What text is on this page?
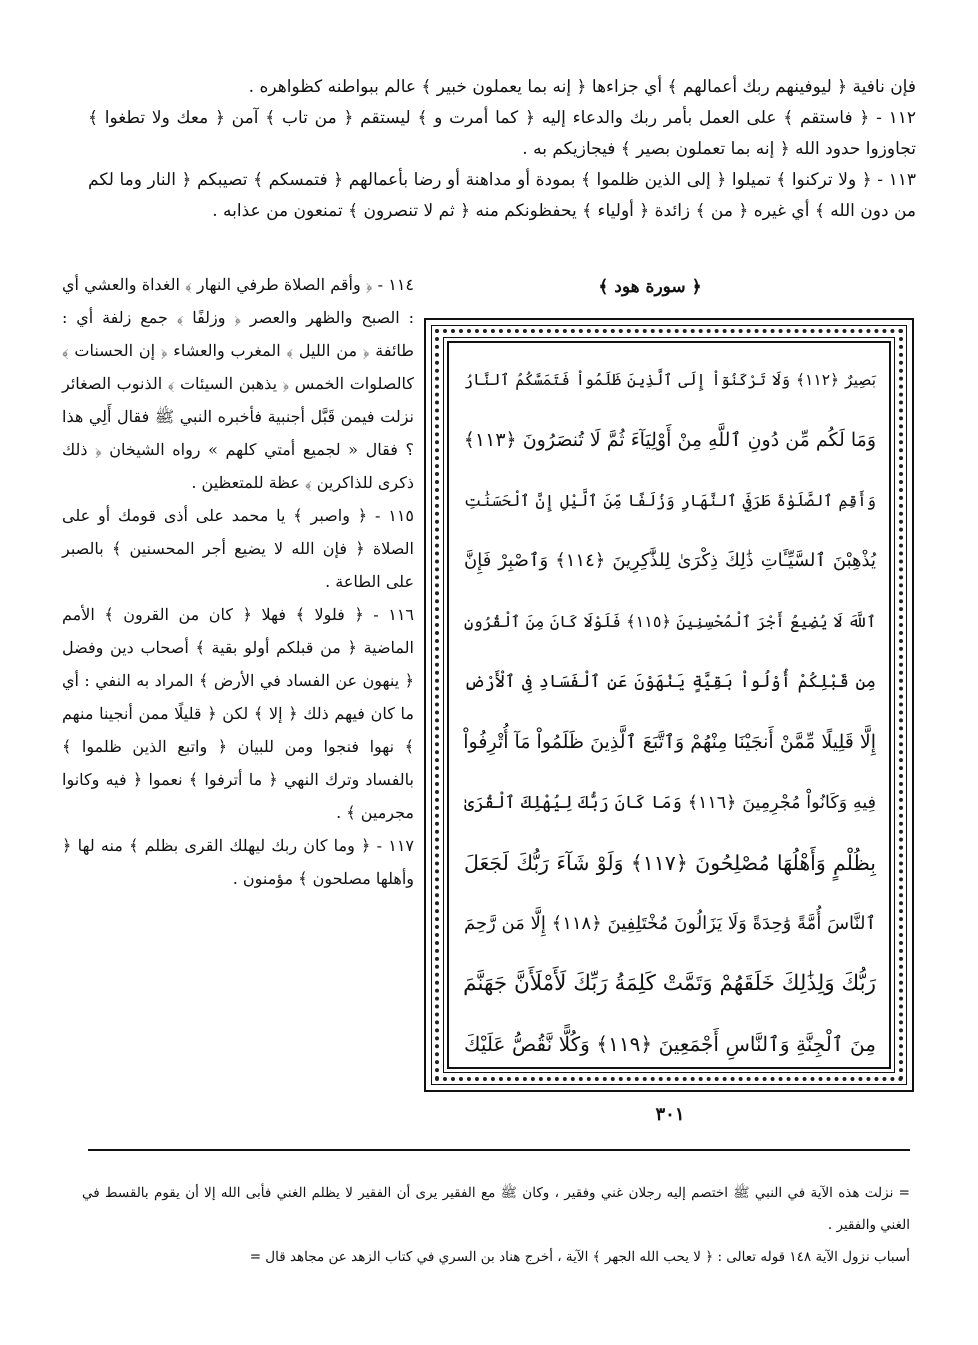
فإن نافية ﴿ ليوفينهم ربك أعمالهم ﴾ أي جزاءها ﴿ إنه بما يعملون خبير ﴾ عالم ببواطنه كظواهره .

١١٢ - ﴿ فاستقم ﴾ على العمل بأمر ربك والدعاء إليه ﴿ كما أمرت و ﴾ ليستقم ﴿ من تاب ﴾ آمن ﴿ معك ولا تطغوا ﴾ تجاوزوا حدود الله ﴿ إنه بما تعملون بصير ﴾ فيجازيكم به .

١١٣ - ﴿ ولا تركنوا ﴾ تميلوا ﴿ إلى الذين ظلموا ﴾ بمودة أو مداهنة أو رضا بأعمالهم ﴿ فتمسكم ﴾ تصيبكم ﴿ النار وما لكم من دون الله ﴾ أي غيره ﴿ من ﴾ زائدة ﴿ أولياء ﴾ يحفظونكم منه ﴿ ثم لا تنصرون ﴾ تمنعون من عذابه .

١١٤ - ﴿ وأقم الصلاة طرفي النهار ﴾ الغداة والعشي أي : الصبح والظهر والعصر ﴿ وزلفًا ﴾ جمع زلفة أي : طائفة ﴿ من الليل ﴾ المغرب والعشاء ﴿ إن الحسنات ﴾ كالصلوات الخمس ﴿ يذهبن السيئات ﴾ الذنوب الصغائر نزلت فيمن قَبَّل أجنبية فأخبره النبي ﷺ فقال أَلِي هذا ؟ فقال « لجميع أمتي كلهم » رواه الشيخان ﴿ ذلك ذكرى للذاكرين ﴾ عظة للمتعظين .

١١٥ - ﴿ واصبر ﴾ يا محمد على أذى قومك أو على الصلاة ﴿ فإن الله لا يضيع أجر المحسنين ﴾ بالصبر على الطاعة .

١١٦ - ﴿ فلولا ﴾ فهلا ﴿ كان من القرون ﴾ الأمم الماضية ﴿ من قبلكم أولو بقية ﴾ أصحاب دين وفضل ﴿ ينهون عن الفساد في الأرض ﴾ المراد به النفي : أي ما كان فيهم ذلك ﴿ إلا ﴾ لكن ﴿ قليلًا ممن أنجينا منهم ﴾ نهوا فنجوا ومن للبيان ﴿ واتبع الذين ظلموا ﴾ بالفساد وترك النهي ﴿ ما أترفوا ﴾ نعموا ﴿ فيه وكانوا مجرمين ﴾ .

١١٧ - ﴿ وما كان ربك ليهلك القرى بظلم ﴾ منه لها ﴿ وأهلها مصلحون ﴾ مؤمنون .

﴿ سورة هود ﴾
بَصِيرٌ ﴿١١٢﴾ وَلَا تَرْكَنُوٓاْ إِلَى ٱلَّذِينَ ظَلَمُواْ فَتَمَسَّكُمُ ٱلنَّارُ
وَمَا لَكُم مِّن دُونِ ٱللَّهِ مِنْ أَوْلِيَآءَ ثُمَّ لَا تُنصَرُونَ ﴿١١٣﴾
وَأَقِمِ ٱلصَّلَوٰةَ طَرَفَيِ ٱلنَّهَارِ وَزُلَفًا مِّنَ ٱلَّيْلِ إِنَّ ٱلْحَسَنَٰتِ
يُذْهِبْنَ ٱلسَّيِّـَٔاتِ ذَٰلِكَ ذِكْرَىٰ لِلذَّٰكِرِينَ ﴿١١٤﴾ وَٱصْبِرْ فَإِنَّ
ٱللَّهَ لَا يُضِيعُ أَجْرَ ٱلْمُحْسِنِينَ ﴿١١٥﴾ فَلَوْلَا كَانَ مِنَ ٱلْقُرُونِ
مِن قَبْلِكُمْ أُوْلُواْ بَقِيَّةٍ يَنْهَوْنَ عَنِ ٱلْفَسَادِ فِى ٱلْأَرْضِ
إِلَّا قَلِيلًا مِّمَّنْ أَنجَيْنَا مِنْهُمْ وَٱتَّبَعَ ٱلَّذِينَ ظَلَمُواْ مَآ أُتْرِفُواْ
فِيهِ وَكَانُواْ مُجْرِمِينَ ﴿١١٦﴾ وَمَا كَانَ رَبُّكَ لِيُهْلِكَ ٱلْقُرَىٰ
بِظُلْمٍ وَأَهْلُهَا مُصْلِحُونَ ﴿١١٧﴾ وَلَوْ شَآءَ رَبُّكَ لَجَعَلَ
ٱلنَّاسَ أُمَّةً وَٰحِدَةً وَلَا يَزَالُونَ مُخْتَلِفِينَ ﴿١١٨﴾ إِلَّا مَن رَّحِمَ
رَبُّكَ وَلِذَٰلِكَ خَلَقَهُمْ وَتَمَّتْ كَلِمَةُ رَبِّكَ لَأَمْلَأَنَّ جَهَنَّمَ
مِنَ ٱلْجِنَّةِ وَٱلنَّاسِ أَجْمَعِينَ ﴿١١٩﴾ وَكُلًّا نَّقُصُّ عَلَيْكَ
٣٠١

= نزلت هذه الآية في النبي ﷺ اختصم إليه رجلان غني وفقير ، وكان ﷺ مع الفقير يرى أن الفقير لا يظلم الغني فأبى الله إلا أن يقوم بالقسط في الغني والفقير .

أسباب نزول الآية ١٤٨ قوله تعالى : ﴿ لا يحب الله الجهر ﴾ الآية ، أخرج هناد بن السري في كتاب الزهد عن مجاهد قال =
